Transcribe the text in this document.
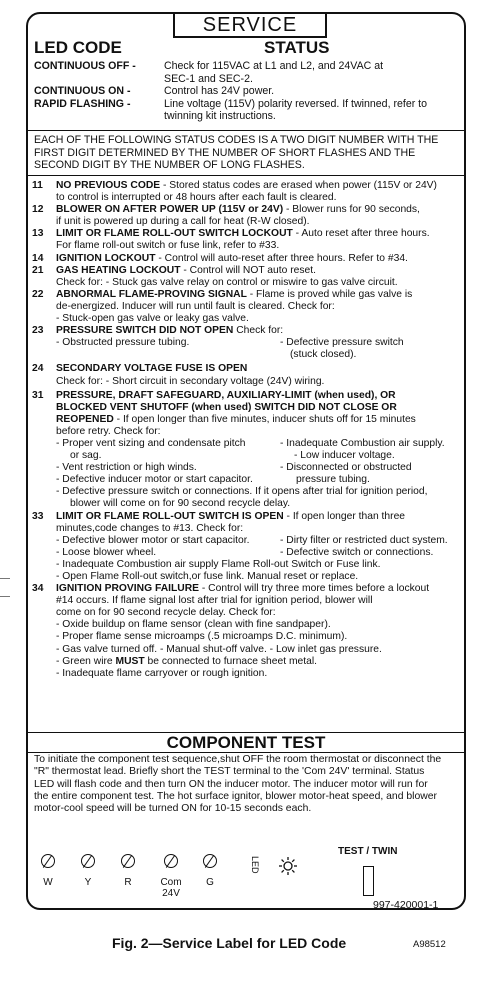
SERVICE
LED CODE	STATUS
CONTINUOUS OFF -	Check for 115VAC at L1 and L2, and 24VAC at
SEC-1 and SEC-2.
CONTINUOUS ON -	Control has 24V power.
RAPID FLASHING -	Line voltage (115V) polarity reversed. If twinned, refer to
twinning kit instructions.
EACH OF THE FOLLOWING STATUS CODES IS A TWO DIGIT NUMBER WITH THE
FIRST DIGIT DETERMINED BY THE NUMBER OF SHORT FLASHES AND THE
SECOND DIGIT BY THE NUMBER OF LONG FLASHES.
11	NO PREVIOUS CODE - Stored status codes are erased when power (115V or 24V)
to control is interrupted or 48 hours after each fault is cleared.
12	BLOWER ON AFTER POWER UP (115V or 24V) - Blower runs for 90 seconds,
if unit is powered up during a call for heat (R-W closed).
13	LIMIT OR FLAME ROLL-OUT SWITCH LOCKOUT - Auto reset after three hours.
For flame roll-out switch or fuse link, refer to #33.
14	IGNITION LOCKOUT - Control will auto-reset after three hours. Refer to #34.
21	GAS HEATING LOCKOUT - Control will NOT auto reset.
Check for: - Stuck gas valve relay on control or miswire to gas valve circuit.
22	ABNORMAL FLAME-PROVING SIGNAL - Flame is proved while gas valve is
de-energized. Inducer will run until fault is cleared. Check for:
- Stuck-open gas valve or leaky gas valve.
23	PRESSURE SWITCH DID NOT OPEN Check for:
- Obstructed pressure tubing.	- Defective pressure switch
(stuck closed).
24	SECONDARY VOLTAGE FUSE IS OPEN
Check for: - Short circuit in secondary voltage (24V) wiring.
31	PRESSURE, DRAFT SAFEGUARD, AUXILIARY-LIMIT (when used), OR
BLOCKED VENT SHUTOFF (when used) SWITCH DID NOT CLOSE OR
REOPENED - If open longer than five minutes, inducer shuts off for 15 minutes
before retry. Check for:
- Proper vent sizing and condensate pitch	- Inadequate Combustion air supply.
or sag.	- Low inducer voltage.
- Vent restriction or high winds.	- Disconnected or obstructed
- Defective inducer motor or start capacitor.	pressure tubing.
- Defective pressure switch or connections. If it opens after trial for ignition period,
blower will come on for 90 second recycle delay.
33	LIMIT OR FLAME ROLL-OUT SWITCH IS OPEN - If open longer than three
minutes,code changes to #13. Check for:
- Defective blower motor or start capacitor.	- Dirty filter or restricted duct system.
- Loose blower wheel.	- Defective switch or connections.
- Inadequate Combustion air supply Flame Roll-out Switch or Fuse link.
- Open Flame Roll-out switch,or fuse link. Manual reset or replace.
34	IGNITION PROVING FAILURE - Control will try three more times before a lockout
#14 occurs. If flame signal lost after trial for ignition period, blower will
come on for 90 second recycle delay. Check for:
- Oxide buildup on flame sensor (clean with fine sandpaper).
- Proper flame sense microamps (.5 microamps D.C. minimum).
- Gas valve turned off. - Manual shut-off valve. - Low inlet gas pressure.
- Green wire MUST be connected to furnace sheet metal.
- Inadequate flame carryover or rough ignition.
COMPONENT TEST
To initiate the component test sequence,shut OFF the room thermostat or disconnect the
"R" thermostat lead. Briefly short the TEST terminal to the 'Com 24V' terminal. Status
LED will flash code and then turn ON the inducer motor. The inducer motor will run for
the entire component test. The hot surface ignitor, blower motor-heat speed, and blower
motor-cool speed will be turned ON for 10-15 seconds each.
W	Y	R	Com
24V
G
LED
TEST / TWIN
997-420001-1
Fig. 2—Service Label for LED Code	A98512
